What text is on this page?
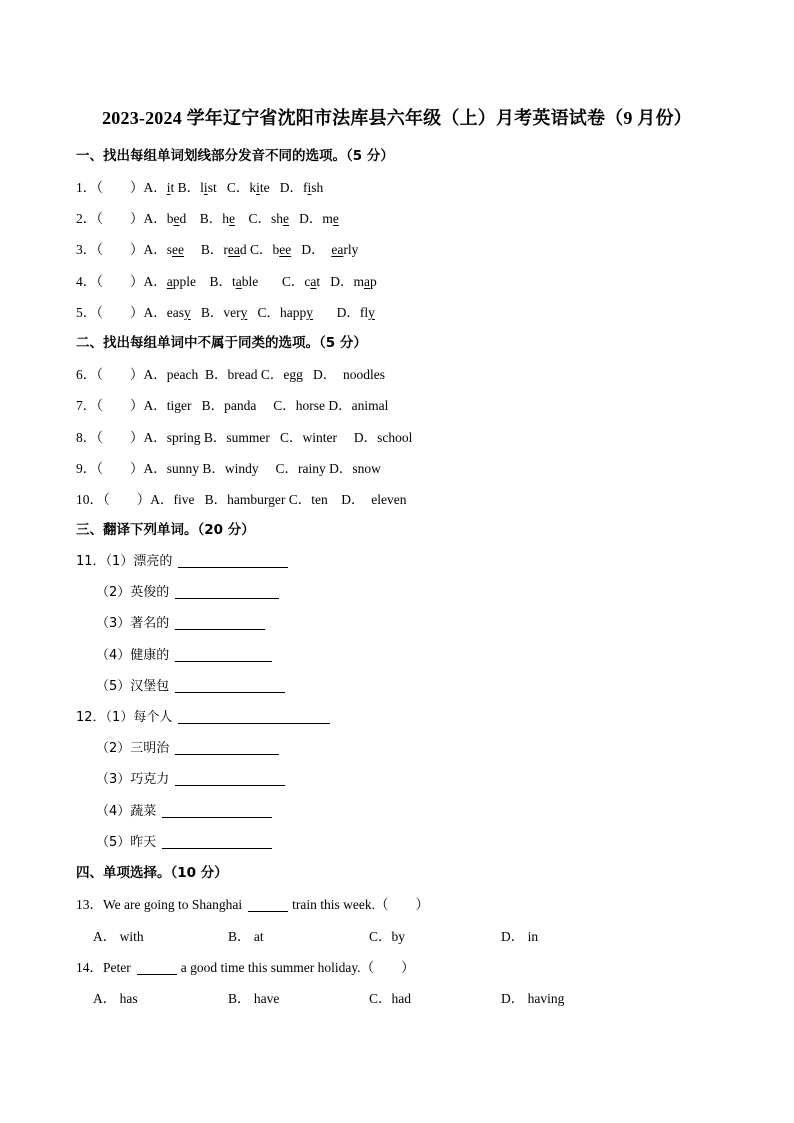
2023-2024 学年辽宁省沈阳市法库县六年级（上）月考英语试卷（9 月份）
一、找出每组单词划线部分发音不同的选项。（5 分）
1．（　　）A．it B．list C．kite D．fish
2．（　　）A．bed B．he C．she D．me
3．（　　）A．see B．read C．bee D． early
4．（　　）A．apple B．table C．cat D．map
5．（　　）A．easy B．very C．happy D．fly
二、找出每组单词中不属于同类的选项。（5 分）
6．（　　）A．peach  B．bread C．egg   D．  noodles
7．（　　）A．tiger   B．panda     C．horse D．animal
8．（　　）A．spring B．summer   C．winter     D．school
9．（　　）A．sunny B．windy     C．rainy D．snow
10．（　　）A．five   B．hamburger C．ten    D．  eleven
三、翻译下列单词。（20 分）
11．（1）漂亮的
（2）英俊的
（3）著名的
（4）健康的
（5）汉堡包
12．（1）每个人
（2）三明治
（3）巧克力
（4）蔬菜
（5）昨天
四、单项选择。（10 分）
13．We are going to Shanghai	train this week.（　　）
A． with	B． at	C．by	D． in
14．Peter	a good time this summer holiday.（　　）
A． has	B． have	C．had	D． having
